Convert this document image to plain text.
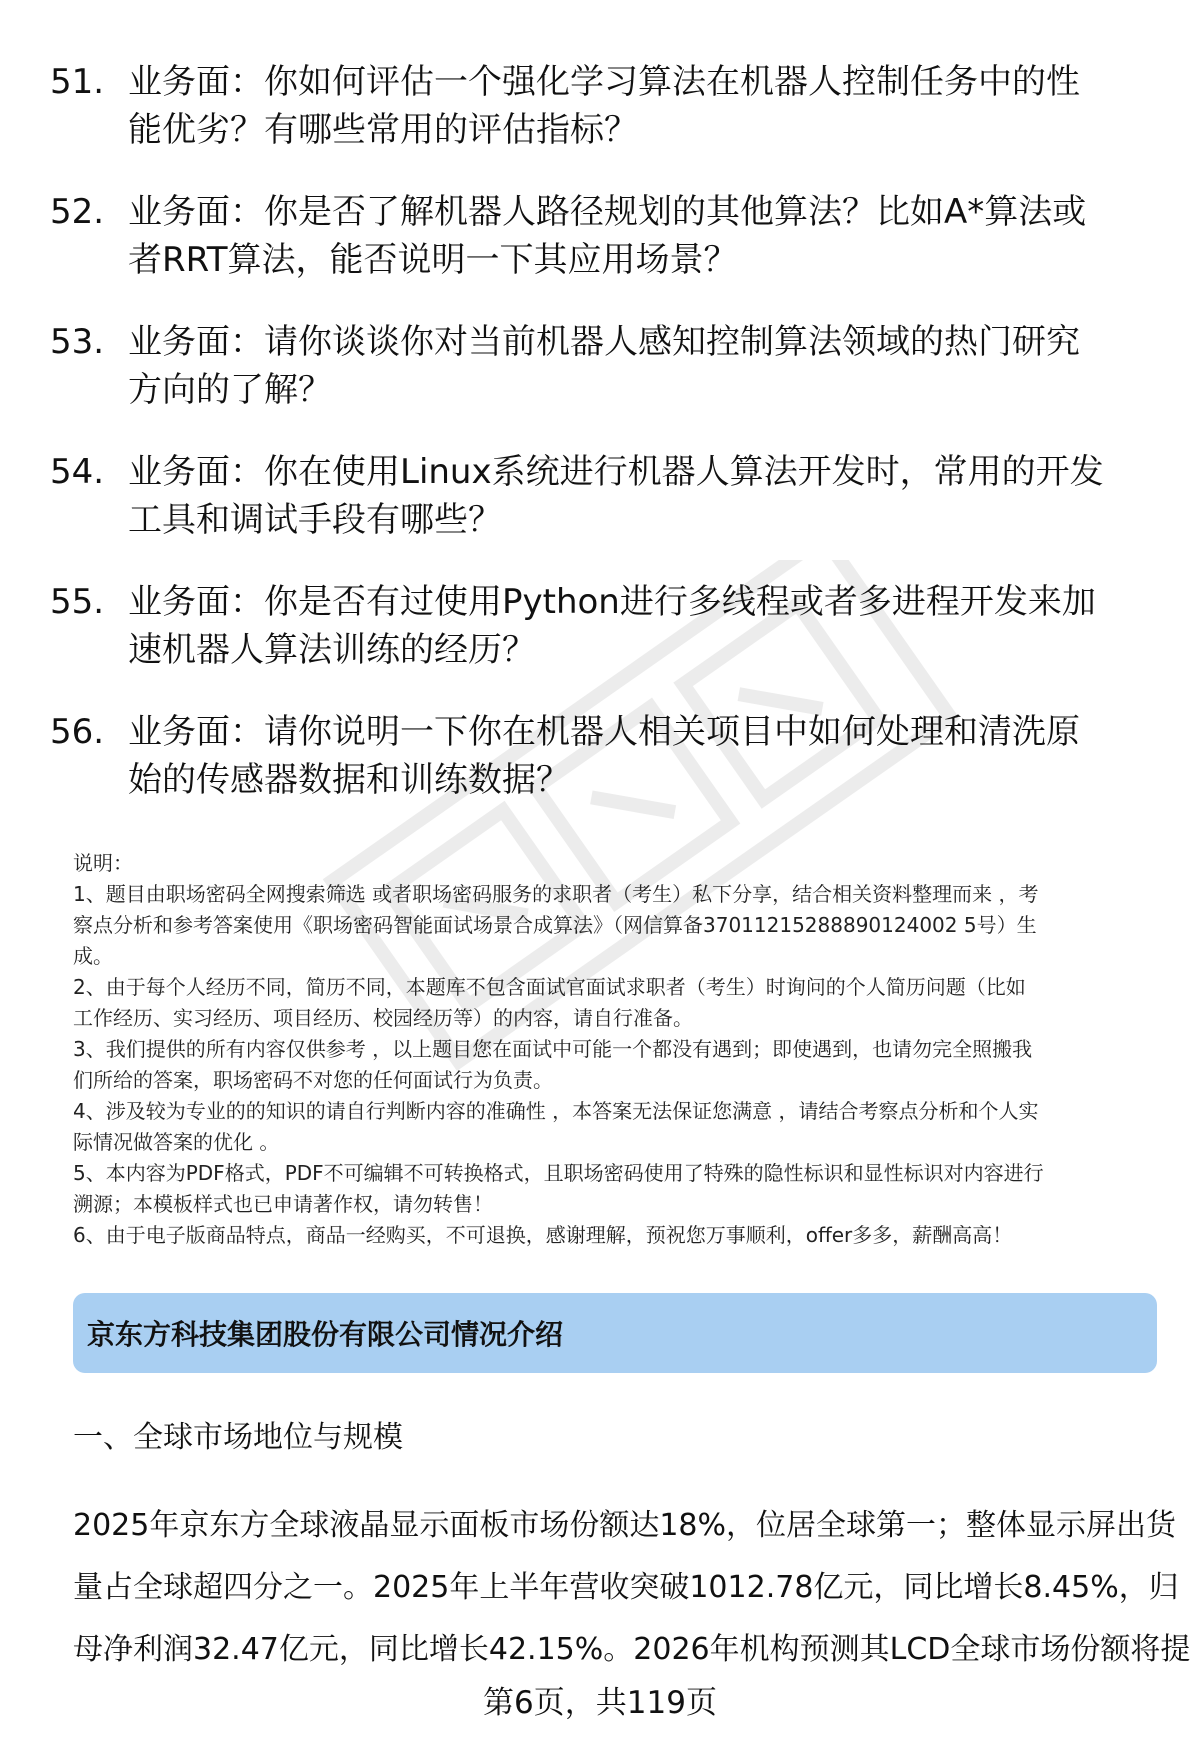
51. 业务面：你如何评估一个强化学习算法在机器人控制任务中的性
能优劣？有哪些常用的评估指标？
52. 业务面：你是否了解机器人路径规划的其他算法？比如A*算法或
者RRT算法，能否说明一下其应用场景？
53. 业务面：请你谈谈你对当前机器人感知控制算法领域的热门研究
方向的了解？
54. 业务面：你在使用Linux系统进行机器人算法开发时，常用的开发
工具和调试手段有哪些？
55. 业务面：你是否有过使用Python进行多线程或者多进程开发来加
速机器人算法训练的经历？
56. 业务面：请你说明一下你在机器人相关项目中如何处理和清洗原
始的传感器数据和训练数据？
说明：
1、题目由职场密码全网搜索筛选 或者职场密码服务的求职者（考生）私下分享，结合相关资料整理而来 ，考
察点分析和参考答案使用《职场密码智能面试场景合成算法》（网信算备37011215288890124002 5号）生
成。
2、由于每个人经历不同，简历不同，本题库不包含面试官面试求职者（考生）时询问的个人简历问题（比如
工作经历、实习经历、项目经历、校园经历等）的内容，请自行准备。
3、我们提供的所有内容仅供参考 ，以上题目您在面试中可能一个都没有遇到；即使遇到，也请勿完全照搬我
们所给的答案，职场密码不对您的任何面试行为负责。
4、涉及较为专业的的知识的请自行判断内容的准确性 ，本答案无法保证您满意 ，请结合考察点分析和个人实
际情况做答案的优化 。
5、本内容为PDF格式，PDF不可编辑不可转换格式，且职场密码使用了特殊的隐性标识和显性标识对内容进行
溯源；本模板样式也已申请著作权，请勿转售！
6、由于电子版商品特点，商品一经购买，不可退换，感谢理解，预祝您万事顺利，offer多多，薪酬高高！
京东方科技集团股份有限公司情况介绍
一、全球市场地位与规模
2025年京东方全球液晶显示面板市场份额达18%，位居全球第一；整体显示屏出货
量占全球超四分之一。2025年上半年营收突破1012.78亿元，同比增长8.45%，归
母净利润32.47亿元，同比增长42.15%。2026年机构预测其LCD全球市场份额将提
第6页，共119页
